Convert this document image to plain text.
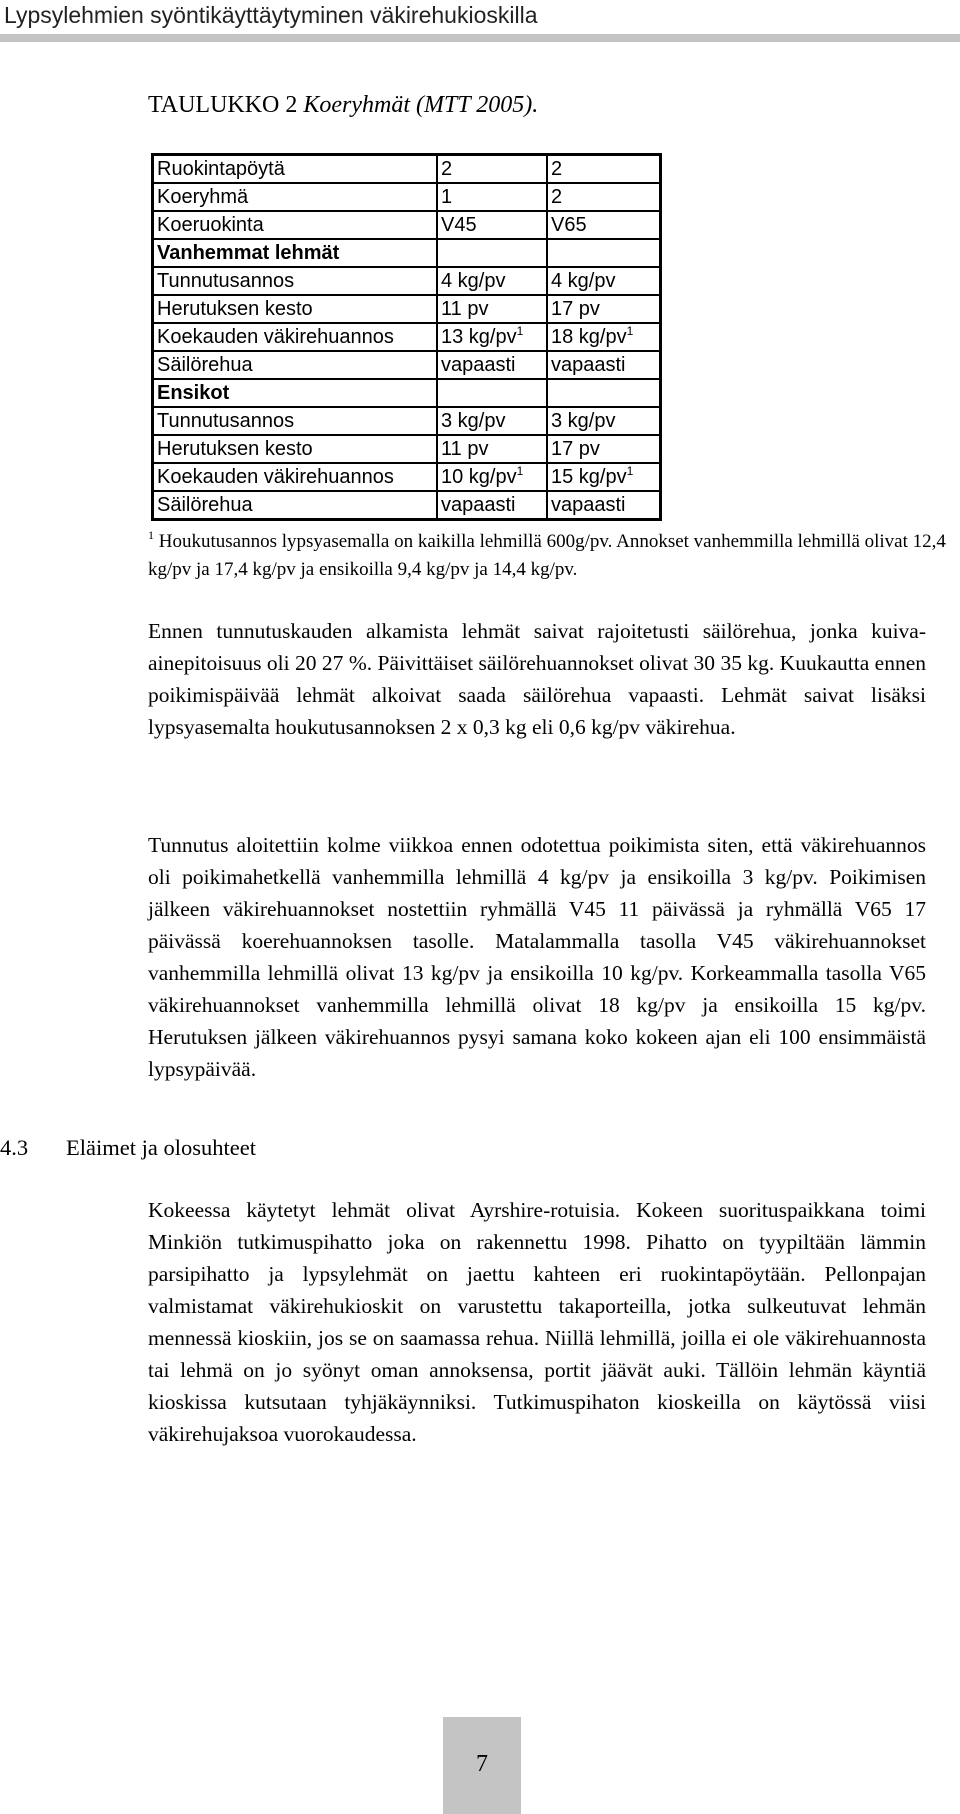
Lypsylehmien syöntikäyttäytyminen väkirehukioskilla
TAULUKKO 2 Koeryhmät (MTT 2005).
Ruokintapöytä	2	2
Koeryhmä	1	2
Koeruokinta	V45	V65
Vanhemmat lehmät		
Tunnutusannos	4 kg/pv	4 kg/pv
Herutuksen kesto	11 pv	17 pv
Koekauden väkirehuannos	13 $kg/pv^1$	18 $kg/pv^1$
Säilörehua	vapaasti	vapaasti
Ensikot		
Tunnutusannos	3 kg/pv	3 kg/pv
Herutuksen kesto	11 pv	17 pv
Koekauden väkirehuannos	10 $kg/pv^1$	15 $kg/pv^1$
Säilörehua	vapaasti	vapaasti
$^1$ Houkutusannos lypsyasemalla on kaikilla lehmillä 600g/pv. Annokset vanhemmilla lehmillä olivat 12,4 kg/pv ja 17,4 kg/pv ja ensikoilla 9,4 kg/pv ja 14,4 kg/pv.

Ennen tunnutuskauden alkamista lehmät saivat rajoitetusti säilörehua, jonka kuiva-ainepitoisuus oli 20 27 %. Päivittäiset säilörehuannokset olivat 30 35 kg. Kuukautta ennen poikimispäivää lehmät alkoivat saada säilörehua vapaasti. Lehmät saivat lisäksi lypsyasemalta houkutusannoksen 2 x 0,3 kg eli 0,6 kg/pv väkirehua.

Tunnutus aloitettiin kolme viikkoa ennen odotettua poikimista siten, että väkirehuannos oli poikimahetkellä vanhemmilla lehmillä 4 kg/pv ja ensikoilla 3 kg/pv. Poikimisen jälkeen väkirehuannokset nostettiin ryhmällä V45 11 päivässä ja ryhmällä V65 17 päivässä koerehuannoksen tasolle. Matalammalla tasolla V45 väkirehuannokset vanhemmilla lehmillä olivat 13 kg/pv ja ensikoilla 10 kg/pv. Korkeammalla tasolla V65 väkirehuannokset vanhemmilla lehmillä olivat 18 kg/pv ja ensikoilla 15 kg/pv. Herutuksen jälkeen väkirehuannos pysyi samana koko kokeen ajan eli 100 ensimmäistä lypsypäivää.

4.3 Eläimet ja olosuhteet

Kokeessa käytetyt lehmät olivat Ayrshire-rotuisia. Kokeen suorituspaikkana toimi Minkiön tutkimuspihatto joka on rakennettu 1998. Pihatto on tyypiltään lämmin parsipihatto ja lypsylehmät on jaettu kahteen eri ruokintapöytään. Pellonpajan valmistamat väkirehukioskit on varustettu takaporteilla, jotka sulkeutuvat lehmän mennessä kioskiin, jos se on saamassa rehua. Niillä lehmillä, joilla ei ole väkirehuannosta tai lehmä on jo syönyt oman annoksensa, portit jäävät auki. Tällöin lehmän käyntiä kioskissa kutsutaan tyhjäkäynniksi. Tutkimuspihaton kioskeilla on käytössä viisi väkirehujaksoa vuorokaudessa.

7
